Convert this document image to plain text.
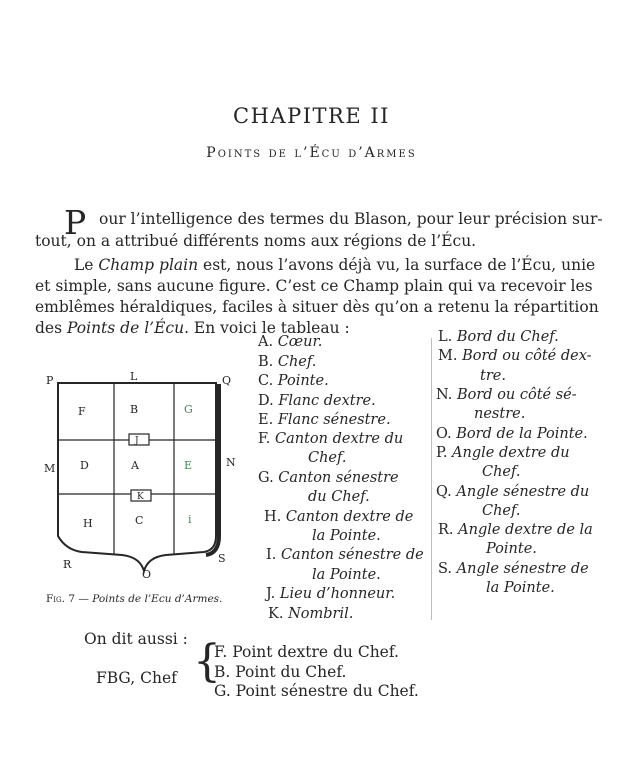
CHAPITRE II
Points de l’Écu d’Armes
P our l’intelligence des termes du Blason, pour leur précision sur-
tout, on a attribué différents noms aux régions de l’Écu.
Le Champ plain est, nous l’avons déjà vu, la surface de l’Écu, unie
et simple, sans aucune figure. C’est ce Champ plain qui va recevoir les
emblêmes héraldiques, faciles à situer dès qu’on a retenu la répartition
des Points de l’Écu. En voici le tableau :
P	L	Q
M	N
R
O
S
F	B	G
D	A	E
H	C	i
J
K
Fig. 7 — Points de l’Ecu d’Armes.
A. Cœur.
B. Chef.
C. Pointe.
D. Flanc dextre.
E. Flanc sénestre.
F. Canton dextre du
Chef.
G. Canton sénestre
du Chef.
H. Canton dextre de
la Pointe.
I. Canton sénestre de
la Pointe.
J. Lieu d’honneur.
K. Nombril.
L. Bord du Chef.
M. Bord ou côté dex-
tre.
N. Bord ou côté sé-
nestre.
O. Bord de la Pointe.
P. Angle dextre du
Chef.
Q. Angle sénestre du
Chef.
R. Angle dextre de la
Pointe.
S. Angle sénestre de
la Pointe.
On dit aussi :
FBG, Chef {
F. Point dextre du Chef.
B. Point du Chef.
G. Point sénestre du Chef.
